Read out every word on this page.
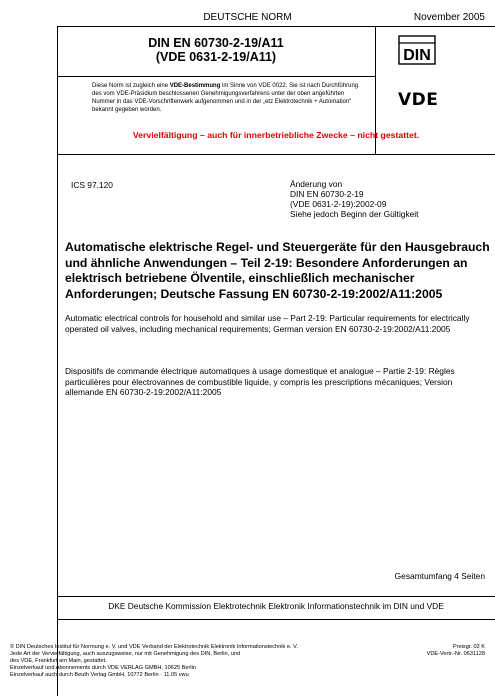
DEUTSCHE NORM	November 2005
DIN EN 60730-2-19/A11
(VDE 0631-2-19/A11)	DIN
VDE
Diese Norm ist zugleich eine VDE-Bestimmung im Sinne von VDE 0022. Sie ist nach Durchführung des vom VDE-Präsidium beschlossenen Genehmigungsverfahrens unter der oben angeführten Nummer in das VDE-Vorschriftenwerk aufgenommen und in der „etz Elektrotechnik + Automation“ bekannt gegeben worden.
Vervielfältigung – auch für innerbetriebliche Zwecke – nicht gestattet.
ICS 97.120	Änderung von
DIN EN 60730-2-19
(VDE 0631-2-19):2002-09
Siehe jedoch Beginn der Gültigkeit
Automatische elektrische Regel- und Steuergeräte für den Hausgebrauch und ähnliche Anwendungen – Teil 2-19: Besondere Anforderungen an elektrisch betriebene Ölventile, einschließlich mechanischer Anforderungen; Deutsche Fassung EN 60730-2-19:2002/A11:2005
Automatic electrical controls for household and similar use – Part 2-19: Particular requirements for electrically operated oil valves, including mechanical requirements; German version EN 60730-2-19:2002/A11:2005
Dispositifs de commande électrique automatiques à usage domestique et analogue – Partie 2-19: Règles particulières pour électrovannes de combustible liquide, y compris les prescriptions mécaniques; Version allemande EN 60730-2-19:2002/A11:2005
Gesamtumfang 4 Seiten
DKE Deutsche Kommission Elektrotechnik Elektronik Informationstechnik im DIN und VDE
© DIN Deutsches Institut für Normung e. V. und VDE Verband der Elektrotechnik Elektronik Informationstechnik e. V.
Jede Art der Vervielfältigung, auch auszugsweise, nur mit Genehmigung des DIN, Berlin, und
des VDE, Frankfurt am Main, gestattet.
Einzelverkauf und Abonnements durch VDE VERLAG GMBH, 10625 Berlin
Einzelverkauf auch durch Beuth Verlag GmbH, 10772 Berlin · 11.05 vwu
Preisgr. 02 K
VDE-Vertr.-Nr. 0631128
